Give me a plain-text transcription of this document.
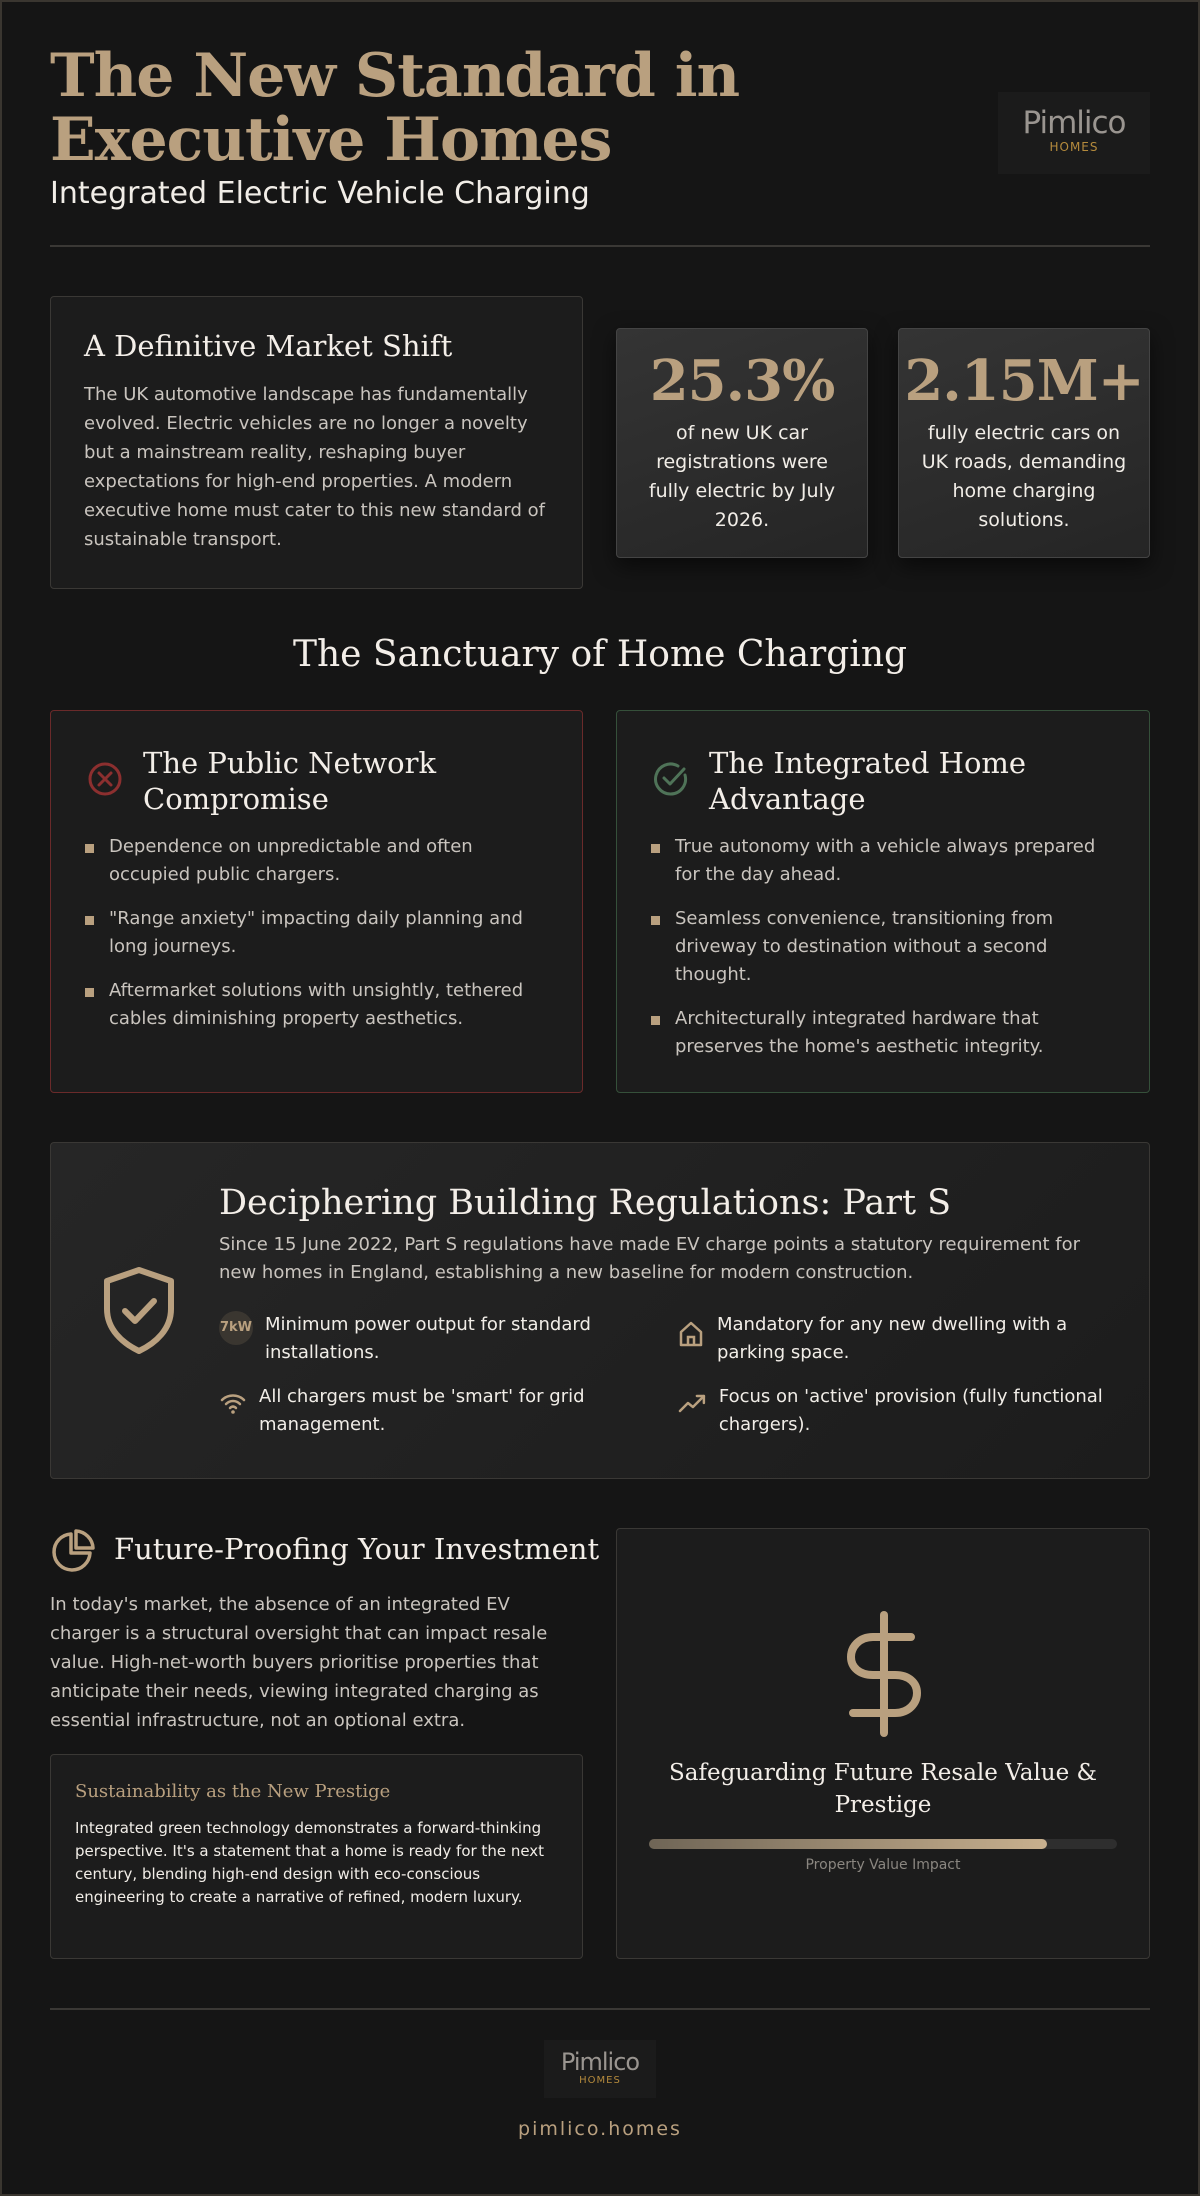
The New Standard in Executive Homes
Integrated Electric Vehicle Charging
Pimlico
HOMES
A Definitive Market Shift

The UK automotive landscape has fundamentally evolved. Electric vehicles are no longer a novelty but a mainstream reality, reshaping buyer expectations for high-end properties. A modern executive home must cater to this new standard of sustainable transport.

25.3%
of new UK car registrations were fully electric by July 2026.
2.15M+
fully electric cars on UK roads, demanding home charging solutions.
The Sanctuary of Home Charging
The Public Network Compromise
Dependence on unpredictable and often occupied public chargers.
"Range anxiety" impacting daily planning and long journeys.
Aftermarket solutions with unsightly, tethered cables diminishing property aesthetics.
The Integrated Home Advantage
True autonomy with a vehicle always prepared for the day ahead.
Seamless convenience, transitioning from driveway to destination without a second thought.
Architecturally integrated hardware that preserves the home's aesthetic integrity.
Deciphering Building Regulations: Part S

Since 15 June 2022, Part S regulations have made EV charge points a statutory requirement for new homes in England, establishing a new baseline for modern construction.

7kW Minimum power output for standard installations.
Mandatory for any new dwelling with a parking space.
All chargers must be 'smart' for grid management.
Focus on 'active' provision (fully functional chargers).
Future-Proofing Your Investment

In today's market, the absence of an integrated EV charger is a structural oversight that can impact resale value. High-net-worth buyers prioritise properties that anticipate their needs, viewing integrated charging as essential infrastructure, not an optional extra.

Sustainability as the New Prestige

Integrated green technology demonstrates a forward-thinking perspective. It's a statement that a home is ready for the next century, blending high-end design with eco-conscious engineering to create a narrative of refined, modern luxury.

Safeguarding Future Resale Value & Prestige
Property Value Impact
Pimlico
HOMES
pimlico.homes
